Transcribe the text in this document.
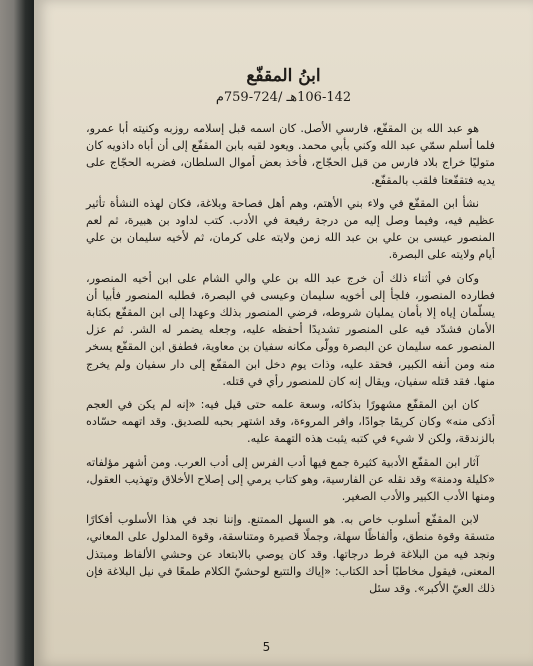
ابنُ المقفّع
106-142هـ /724-759م

هو عبد الله بن المقفّع، فارسي الأصل. كان اسمه قبل إسلامه روزبه وكنيته أبا عمرو، فلما أسلم سمّي عبد الله وكني بأبي محمد. ويعود لقبه بابن المقفّع إلى أن أباه داذويه كان متوليًا خراج بلاد فارس من قبل الحجّاج، فأخذ بعض أموال السلطان، فضربه الحجّاج على يديه فتقفّعتا فلقب بالمقفّع.

نشأ ابن المقفّع في ولاء بني الأهتم، وهم أهل فصاحة وبلاغة، فكان لهذه النشأة تأثير عظيم فيه، وفيما وصل إليه من درجة رفيعة في الأدب. كتب لداود بن هبيرة، ثم لعم المنصور عيسى بن علي بن عبد الله زمن ولايته على كرمان، ثم لأخيه سليمان بن علي أيام ولايته على البصرة.

وكان في أثناء ذلك أن خرج عبد الله بن علي والي الشام على ابن أخيه المنصور، فطارده المنصور، فلجأ إلى أخويه سليمان وعيسى في البصرة، فطلبه المنصور فأبيا أن يسلّمان إياه إلا بأمان يمليان شروطه، فرضي المنصور بذلك وعهدا إلى ابن المقفّع بكتابة الأمان فشدّد فيه على المنصور تشديدًا أحفظه عليه، وجعله يضمر له الشر. ثم عزل المنصور عمه سليمان عن البصرة وولّى مكانه سفيان بن معاوية، فطفق ابن المقفّع يسخر منه ومن أنفه الكبير، فحقد عليه، وذات يوم دخل ابن المقفّع إلى دار سفيان ولم يخرج منها. فقد قتله سفيان، ويقال إنه كان للمنصور رأي في قتله.

كان ابن المقفّع مشهورًا بذكائه، وسعة علمه حتى قيل فيه: «إنه لم يكن في العجم أذكى منه» وكان كريمًا جوادًا، وافر المروءة، وقد اشتهر بحبه للصديق. وقد اتهمه حسّاده بالزندقة، ولكن لا شيء في كتبه يثبت هذه التهمة عليه.

آثار ابن المقفّع الأدبية كثيرة جمع فيها أدب الفرس إلى أدب العرب. ومن أشهر مؤلفاته «كليلة ودمنة» وقد نقله عن الفارسية، وهو كتاب يرمي إلى إصلاح الأخلاق وتهذيب العقول، ومنها الأدب الكبير والأدب الصغير.

لابن المقفّع أسلوب خاص به. هو السهل الممتنع. وإننا نجد في هذا الأسلوب أفكارًا متسقة وقوة منطق، وألفاظًا سهلة، وجملًا قصيرة ومتناسقة، وقوة المدلول على المعاني، ونجد فيه من البلاغة فرط درجاتها. وقد كان يوصي بالابتعاد عن وحشي الألفاظ ومبتذل المعنى، فيقول مخاطبًا أحد الكتاب: «إياك والتتبع لوحشيّ الكلام طمعًا في نيل البلاغة فإن ذلك العيّ الأكبر». وقد سئل

5
